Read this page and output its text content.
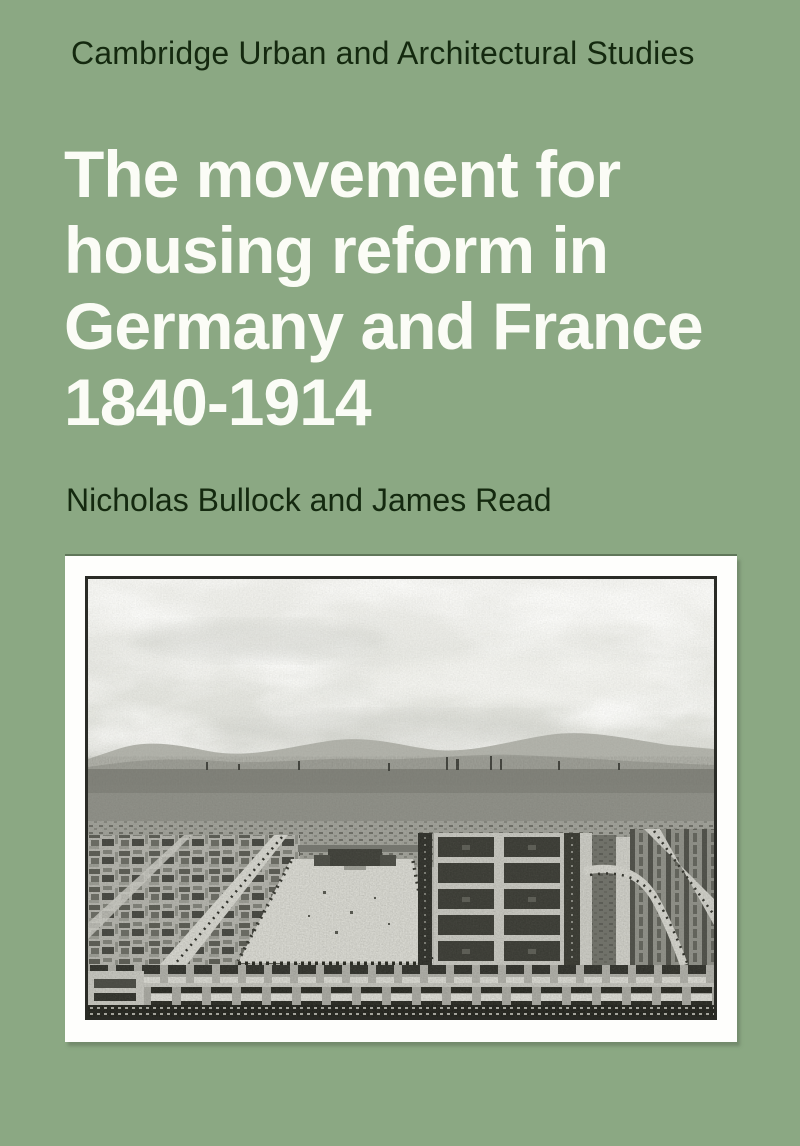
Cambridge Urban and Architectural Studies
The movement for
housing reform in
Germany and France
1840-1914
Nicholas Bullock and James Read
